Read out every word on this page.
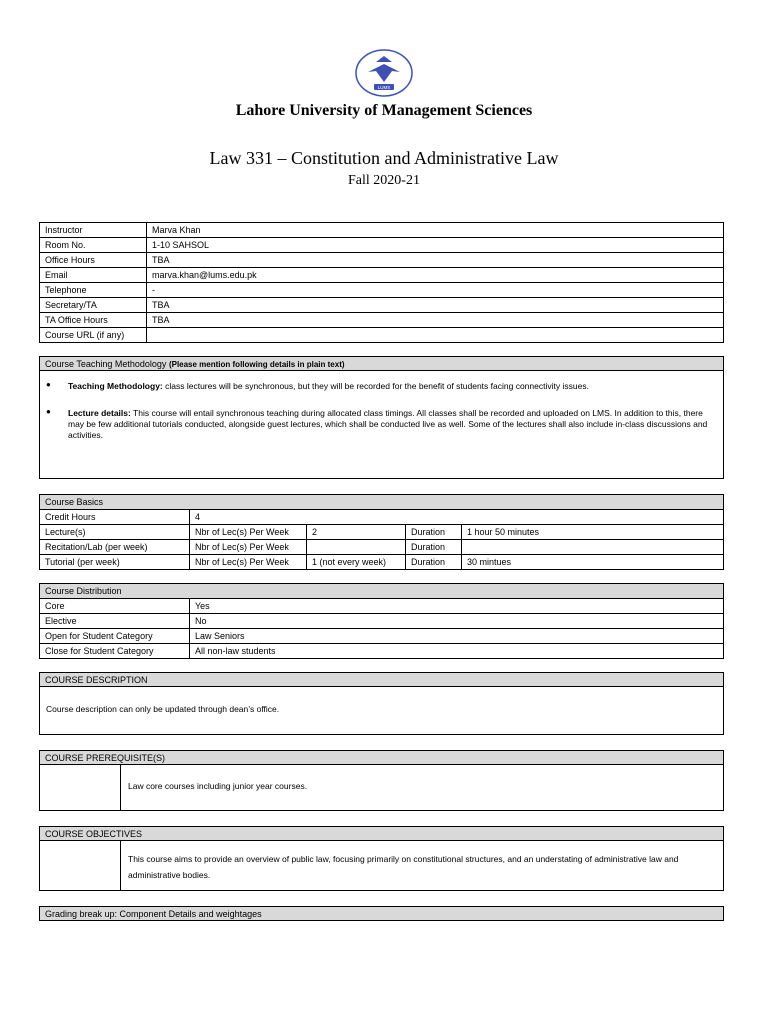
LUMS
Lahore University of Management Sciences
Law 331 – Constitution and Administrative Law
Fall 2020-21
Instructor	Marva Khan
Room No.	1-10 SAHSOL
Office Hours	TBA
Email	marva.khan@lums.edu.pk
Telephone	-
Secretary/TA	TBA
TA Office Hours	TBA
Course URL (if any)	
Course Teaching Methodology (Please mention following details in plain text)
● Teaching Methodology: class lectures will be synchronous, but they will be recorded for the benefit of students facing connectivity issues.
● Lecture details: This course will entail synchronous teaching during allocated class timings. All classes shall be recorded and uploaded on LMS. In addition to this, there may be few additional tutorials conducted, alongside guest lectures, which shall be conducted live as well. Some of the lectures shall also include in-class discussions and activities.
Course Basics				
Credit Hours	4			
Lecture(s)	Nbr of Lec(s) Per Week	2	Duration	1 hour 50 minutes
Recitation/Lab (per week)	Nbr of Lec(s) Per Week		Duration	
Tutorial (per week)	Nbr of Lec(s) Per Week	1 (not every week)	Duration	30 mintues
Course Distribution	
Core	Yes
Elective	No
Open for Student Category	Law Seniors
Close for Student Category	All non-law students
COURSE DESCRIPTION
Course description can only be updated through dean’s office.
COURSE PREREQUISITE(S)
Law core courses including junior year courses.
COURSE OBJECTIVES
This course aims to provide an overview of public law, focusing primarily on constitutional structures, and an understating of administrative law and administrative bodies.
Grading break up: Component Details and weightages
